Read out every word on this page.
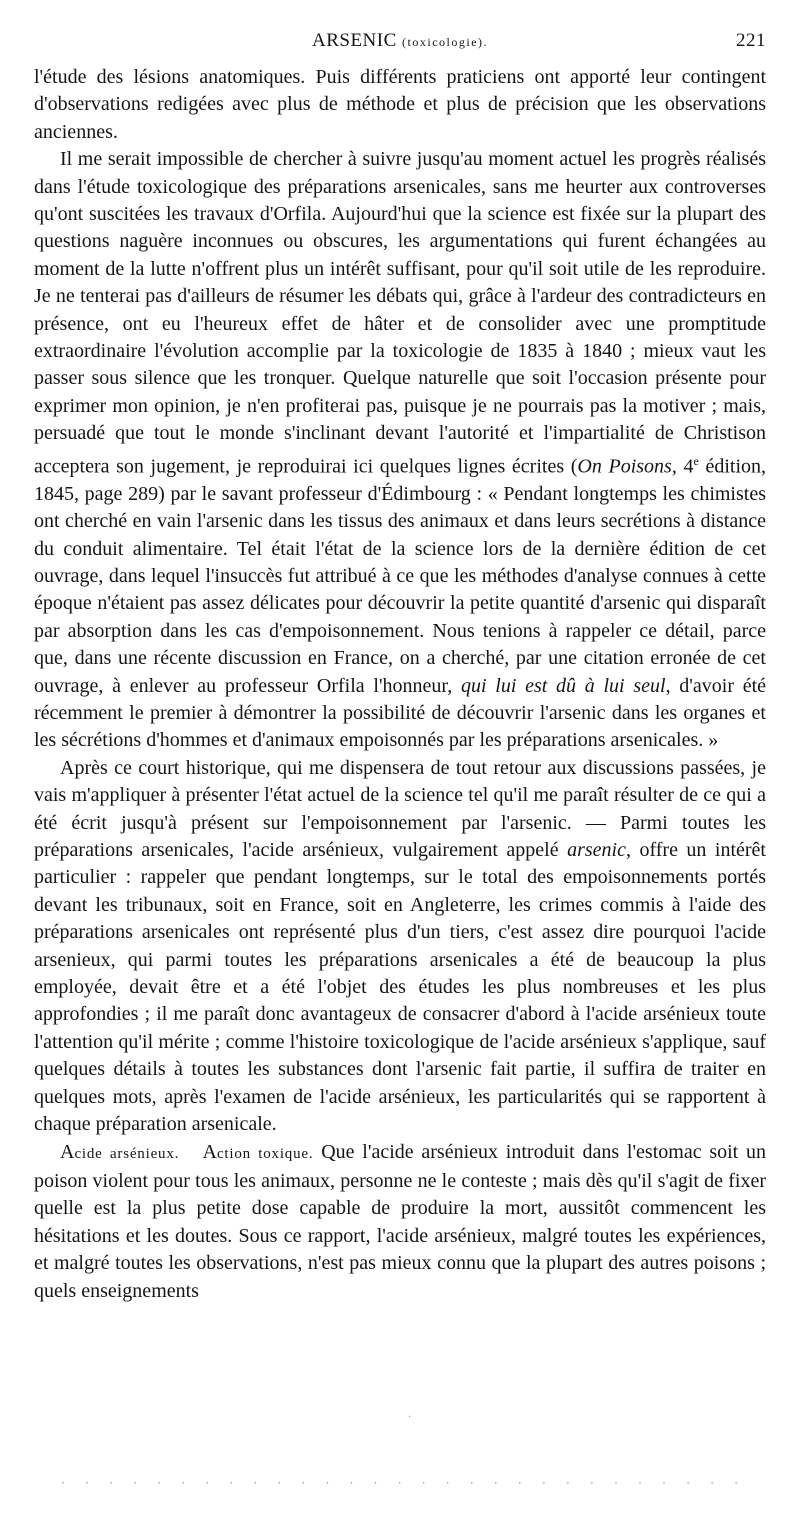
ARSENIC (toxicologie).	221

l'étude des lésions anatomiques. Puis différents praticiens ont apporté leur contingent d'observations redigées avec plus de méthode et plus de précision que les observations anciennes.

Il me serait impossible de chercher à suivre jusqu'au moment actuel les progrès réalisés dans l'étude toxicologique des préparations arsenicales, sans me heurter aux controverses qu'ont suscitées les travaux d'Orfila. Aujourd'hui que la science est fixée sur la plupart des questions naguère inconnues ou obscures, les argumentations qui furent échangées au moment de la lutte n'offrent plus un intérêt suffisant, pour qu'il soit utile de les reproduire. Je ne tenterai pas d'ailleurs de résumer les débats qui, grâce à l'ardeur des contradicteurs en présence, ont eu l'heureux effet de hâter et de consolider avec une promptitude extraordinaire l'évolution accomplie par la toxicologie de 1835 à 1840 ; mieux vaut les passer sous silence que les tronquer. Quelque naturelle que soit l'occasion présente pour exprimer mon opinion, je n'en profiterai pas, puisque je ne pourrais pas la motiver ; mais, persuadé que tout le monde s'inclinant devant l'autorité et l'impartialité de Christison acceptera son jugement, je reproduirai ici quelques lignes écrites (On Poisons, 4e édition, 1845, page 289) par le savant professeur d'Édimbourg : « Pendant longtemps les chimistes ont cherché en vain l'arsenic dans les tissus des animaux et dans leurs secrétions à distance du conduit alimentaire. Tel était l'état de la science lors de la dernière édition de cet ouvrage, dans lequel l'insuccès fut attribué à ce que les méthodes d'analyse connues à cette époque n'étaient pas assez délicates pour découvrir la petite quantité d'arsenic qui disparaît par absorption dans les cas d'empoisonnement. Nous tenions à rappeler ce détail, parce que, dans une récente discussion en France, on a cherché, par une citation erronée de cet ouvrage, à enlever au professeur Orfila l'honneur, qui lui est dû à lui seul, d'avoir été récemment le premier à démontrer la possibilité de découvrir l'arsenic dans les organes et les sécrétions d'hommes et d'animaux empoisonnés par les préparations arsenicales. »

Après ce court historique, qui me dispensera de tout retour aux discussions passées, je vais m'appliquer à présenter l'état actuel de la science tel qu'il me paraît résulter de ce qui a été écrit jusqu'à présent sur l'empoisonnement par l'arsenic. — Parmi toutes les préparations arsenicales, l'acide arsénieux, vulgairement appelé arsenic, offre un intérêt particulier : rappeler que pendant longtemps, sur le total des empoisonnements portés devant les tribunaux, soit en France, soit en Angleterre, les crimes commis à l'aide des préparations arsenicales ont représenté plus d'un tiers, c'est assez dire pourquoi l'acide arsenieux, qui parmi toutes les préparations arsenicales a été de beaucoup la plus employée, devait être et a été l'objet des études les plus nombreuses et les plus approfondies ; il me paraît donc avantageux de consacrer d'abord à l'acide arsénieux toute l'attention qu'il mérite ; comme l'histoire toxicologique de l'acide arsénieux s'applique, sauf quelques détails à toutes les substances dont l'arsenic fait partie, il suffira de traiter en quelques mots, après l'examen de l'acide arsénieux, les particularités qui se rapportent à chaque préparation arsenicale.

Acide arsénieux. Action toxique. Que l'acide arsénieux introduit dans l'estomac soit un poison violent pour tous les animaux, personne ne le conteste ; mais dès qu'il s'agit de fixer quelle est la plus petite dose capable de produire la mort, aussitôt commencent les hésitations et les doutes. Sous ce rapport, l'acide arsénieux, malgré toutes les expériences, et malgré toutes les observations, n'est pas mieux connu que la plupart des autres poisons ; quels enseignements

·
· · · · · · · · · · · · · · · · · · · · · · · · · · · · ·
